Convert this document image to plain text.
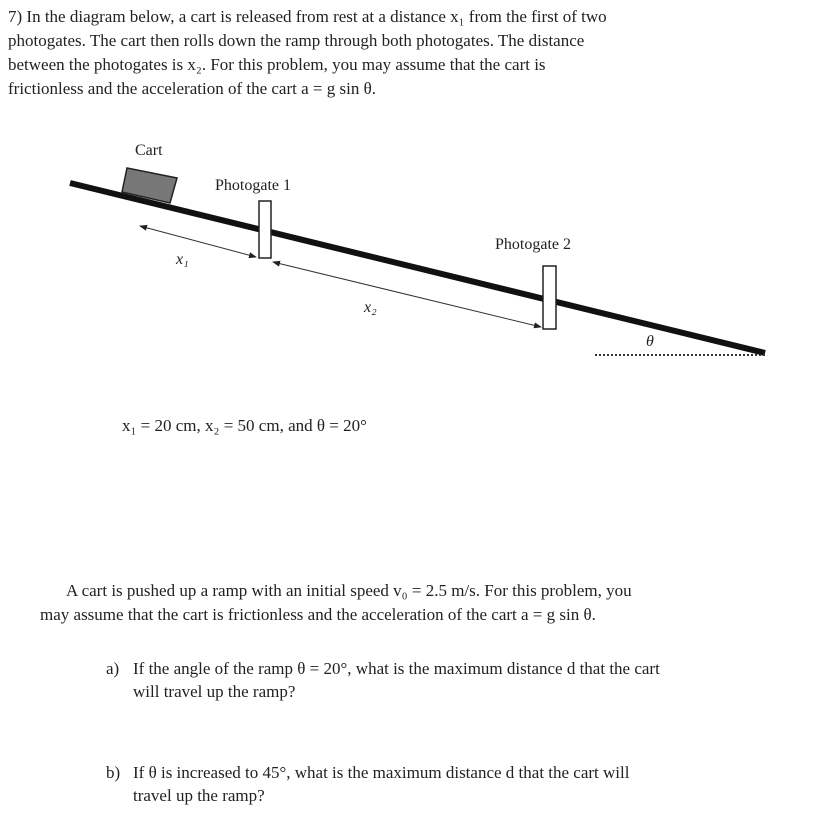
7) In the diagram below, a cart is released from rest at a distance x₁ from the first of two
photogates. The cart then rolls down the ramp through both photogates. The distance
between the photogates is x₂. For this problem, you may assume that the cart is
frictionless and the acceleration of the cart a = g sin θ.
Cart
Photogate 1
Photogate 2
x₁
x₂
θ
x₁ = 20 cm, x₂ = 50 cm, and θ = 20°
A cart is pushed up a ramp with an initial speed v₀ = 2.5 m/s. For this problem, you
may assume that the cart is frictionless and the acceleration of the cart a = g sin θ.
a) If the angle of the ramp θ = 20°, what is the maximum distance d that the cart
will travel up the ramp?
b) If θ is increased to 45°, what is the maximum distance d that the cart will
travel up the ramp?
